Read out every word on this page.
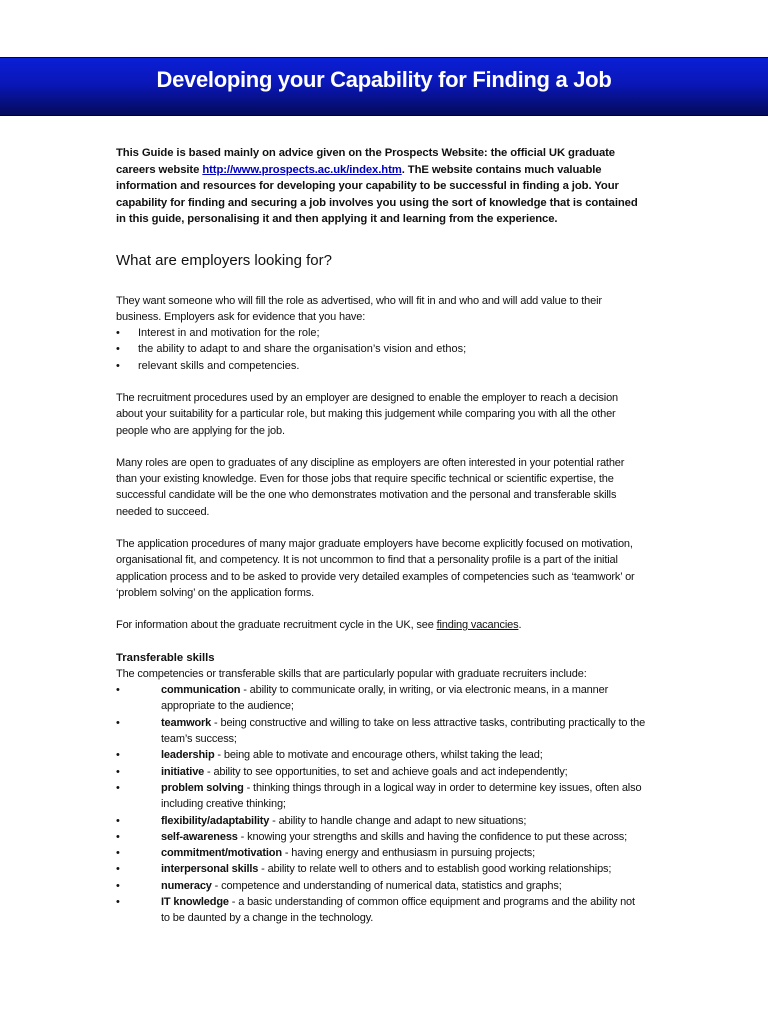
Developing your Capability for Finding a Job

This Guide is based mainly on advice given on the Prospects Website: the official UK graduate careers website http://www.prospects.ac.uk/index.htm. ThE website contains much valuable information and resources for developing your capability to be successful in finding a job. Your capability for finding and securing a job involves you using the sort of knowledge that is contained in this guide, personalising it and then applying it and learning from the experience.

What are employers looking for?

They want someone who will fill the role as advertised, who will fit in and who and will add value to their business. Employers ask for evidence that you have:

• Interest in and motivation for the role;
• the ability to adapt to and share the organisation’s vision and ethos;
• relevant skills and competencies.

The recruitment procedures used by an employer are designed to enable the employer to reach a decision about your suitability for a particular role, but making this judgement while comparing you with all the other people who are applying for the job.

Many roles are open to graduates of any discipline as employers are often interested in your potential rather than your existing knowledge. Even for those jobs that require specific technical or scientific expertise, the successful candidate will be the one who demonstrates motivation and the personal and transferable skills needed to succeed.

The application procedures of many major graduate employers have become explicitly focused on motivation, organisational fit, and competency. It is not uncommon to find that a personality profile is a part of the initial application process and to be asked to provide very detailed examples of competencies such as ‘teamwork’ or ‘problem solving’ on the application forms.

For information about the graduate recruitment cycle in the UK, see finding vacancies.

Transferable skills

The competencies or transferable skills that are particularly popular with graduate recruiters include:

•	communication - ability to communicate orally, in writing, or via electronic means, in a manner appropriate to the audience;
•	teamwork - being constructive and willing to take on less attractive tasks, contributing practically to the team’s success;
•	leadership - being able to motivate and encourage others, whilst taking the lead;
•	initiative - ability to see opportunities, to set and achieve goals and act independently;
•	problem solving - thinking things through in a logical way in order to determine key issues, often also including creative thinking;
•	flexibility/adaptability - ability to handle change and adapt to new situations;
•	self-awareness - knowing your strengths and skills and having the confidence to put these across;
•	commitment/motivation - having energy and enthusiasm in pursuing projects;
•	interpersonal skills - ability to relate well to others and to establish good working relationships;
•	numeracy - competence and understanding of numerical data, statistics and graphs;
•	IT knowledge - a basic understanding of common office equipment and programs and the ability not to be daunted by a change in the technology.
